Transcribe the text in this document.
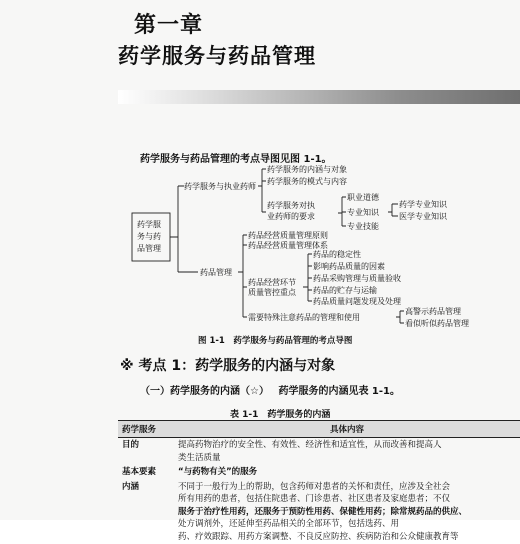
第一章
药学服务与药品管理
药学服务与药品管理的考点导图见图 1-1。
药学服
务与药
品管理
药学服务与执业药师
药学服务的内涵与对象
药学服务的模式与内容
药学服务对执
业药师的要求
职业道德
专业知识
专业技能
药学专业知识
医学专业知识
药品管理
药品经营质量管理原则
药品经营质量管理体系
药品经营环节
质量管控重点
需要特殊注意药品的管理和使用
药品的稳定性
影响药品质量的因素
药品采购管理与质量验收
药品的贮存与运输
药品质量问题发现及处理
高警示药品管理
看似听似药品管理
图 1-1　药学服务与药品管理的考点导图
※ 考点 1：药学服务的内涵与对象
（一）药学服务的内涵（☆） 药学服务的内涵见表 1-1。
表 1-1　药学服务的内涵
药学服务	具体内容
目的	提高药物治疗的安全性、有效性、经济性和适宜性，从而改善和提高人
类生活质量

基本要素	“与药物有关”的服务

内涵	不同于一般行为上的帮助，包含药师对患者的关怀和责任，应涉及全社会
所有用药的患者，包括住院患者、门诊患者、社区患者及家庭患者；不仅
服务于治疗性用药，还服务于预防性用药、保健性用药；除常规药品的供应、
处方调剂外，还延伸至药品相关的全部环节，包括选药、用
药、疗效跟踪、用药方案调整、不良反应防控、疾病防治和公众健康教育等
